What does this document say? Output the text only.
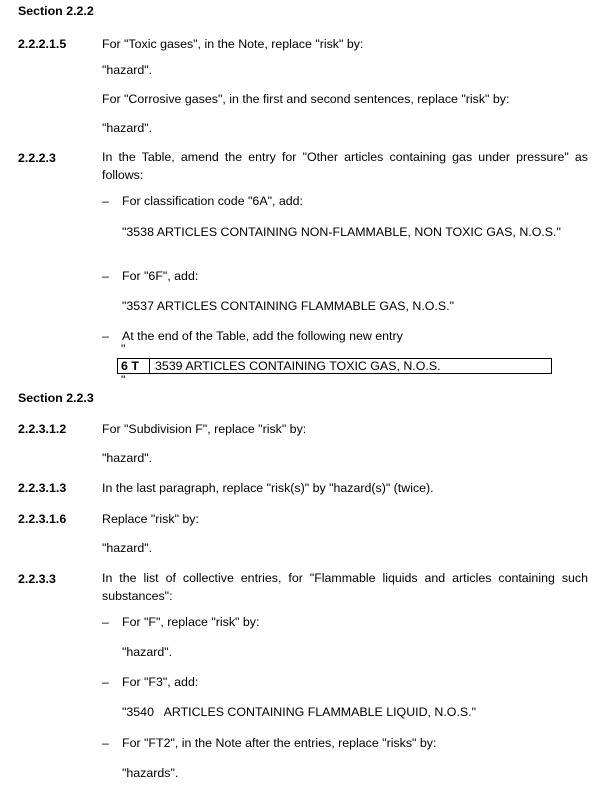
Section 2.2.2
2.2.2.1.5	For "Toxic gases", in the Note, replace "risk" by:
"hazard".
For "Corrosive gases", in the first and second sentences, replace "risk" by:
"hazard".
2.2.2.3	In the Table, amend the entry for "Other articles containing gas under pressure" as follows:
– For classification code "6A", add:
"3538 ARTICLES CONTAINING NON-FLAMMABLE, NON TOXIC GAS, N.O.S."
– For "6F", add:
"3537 ARTICLES CONTAINING FLAMMABLE GAS, N.O.S."
– At the end of the Table, add the following new entry
"
6 T	3539 ARTICLES CONTAINING TOXIC GAS, N.O.S.
"
Section 2.2.3
2.2.3.1.2	For "Subdivision F", replace "risk" by:
"hazard".
2.2.3.1.3	In the last paragraph, replace "risk(s)" by "hazard(s)" (twice).
2.2.3.1.6	Replace "risk" by:
"hazard".
2.2.3.3	In the list of collective entries, for "Flammable liquids and articles containing such substances":
– For "F", replace "risk" by:
"hazard".
– For "F3", add:
"3540   ARTICLES CONTAINING FLAMMABLE LIQUID, N.O.S."
– For "FT2", in the Note after the entries, replace "risks" by:
"hazards".
